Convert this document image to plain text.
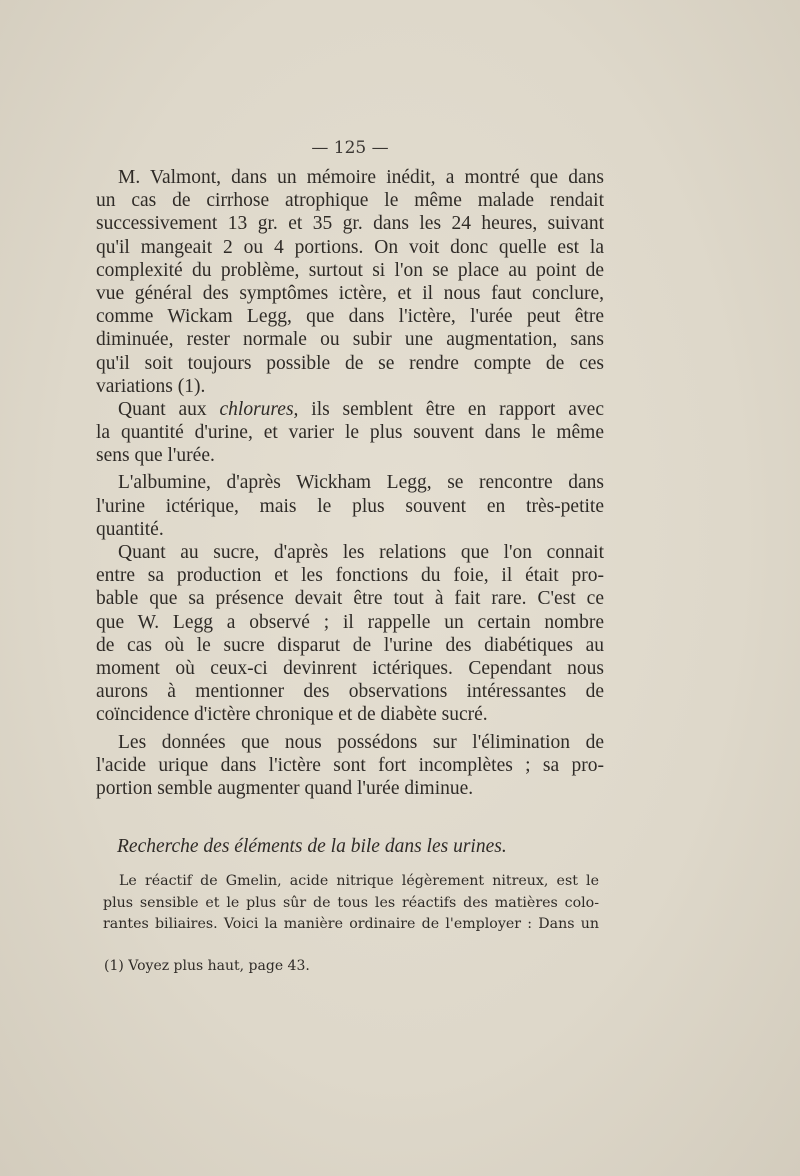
— 125 —

M. Valmont, dans un mémoire inédit, a montré que dans
un cas de cirrhose atrophique le même malade rendait
successivement 13 gr. et 35 gr. dans les 24 heures, suivant
qu'il mangeait 2 ou 4 portions. On voit donc quelle est la
complexité du problème, surtout si l'on se place au point de
vue général des symptômes ictère, et il nous faut conclure,
comme Wickam Legg, que dans l'ictère, l'urée peut être
diminuée, rester normale ou subir une augmentation, sans
qu'il soit toujours possible de se rendre compte de ces
variations (1).

Quant aux chlorures, ils semblent être en rapport avec
la quantité d'urine, et varier le plus souvent dans le même
sens que l'urée.

L'albumine, d'après Wickham Legg, se rencontre dans
l'urine ictérique, mais le plus souvent en très-petite
quantité.

Quant au sucre, d'après les relations que l'on connait
entre sa production et les fonctions du foie, il était pro-
bable que sa présence devait être tout à fait rare. C'est ce
que W. Legg a observé ; il rappelle un certain nombre
de cas où le sucre disparut de l'urine des diabétiques au
moment où ceux-ci devinrent ictériques. Cependant nous
aurons à mentionner des observations intéressantes de
coïncidence d'ictère chronique et de diabète sucré.

Les données que nous possédons sur l'élimination de
l'acide urique dans l'ictère sont fort incomplètes ; sa pro-
portion semble augmenter quand l'urée diminue.

Recherche des éléments de la bile dans les urines.
Le réactif de Gmelin, acide nitrique légèrement nitreux, est le
plus sensible et le plus sûr de tous les réactifs des matières colo-
rantes biliaires. Voici la manière ordinaire de l'employer : Dans un
(1) Voyez plus haut, page 43.
